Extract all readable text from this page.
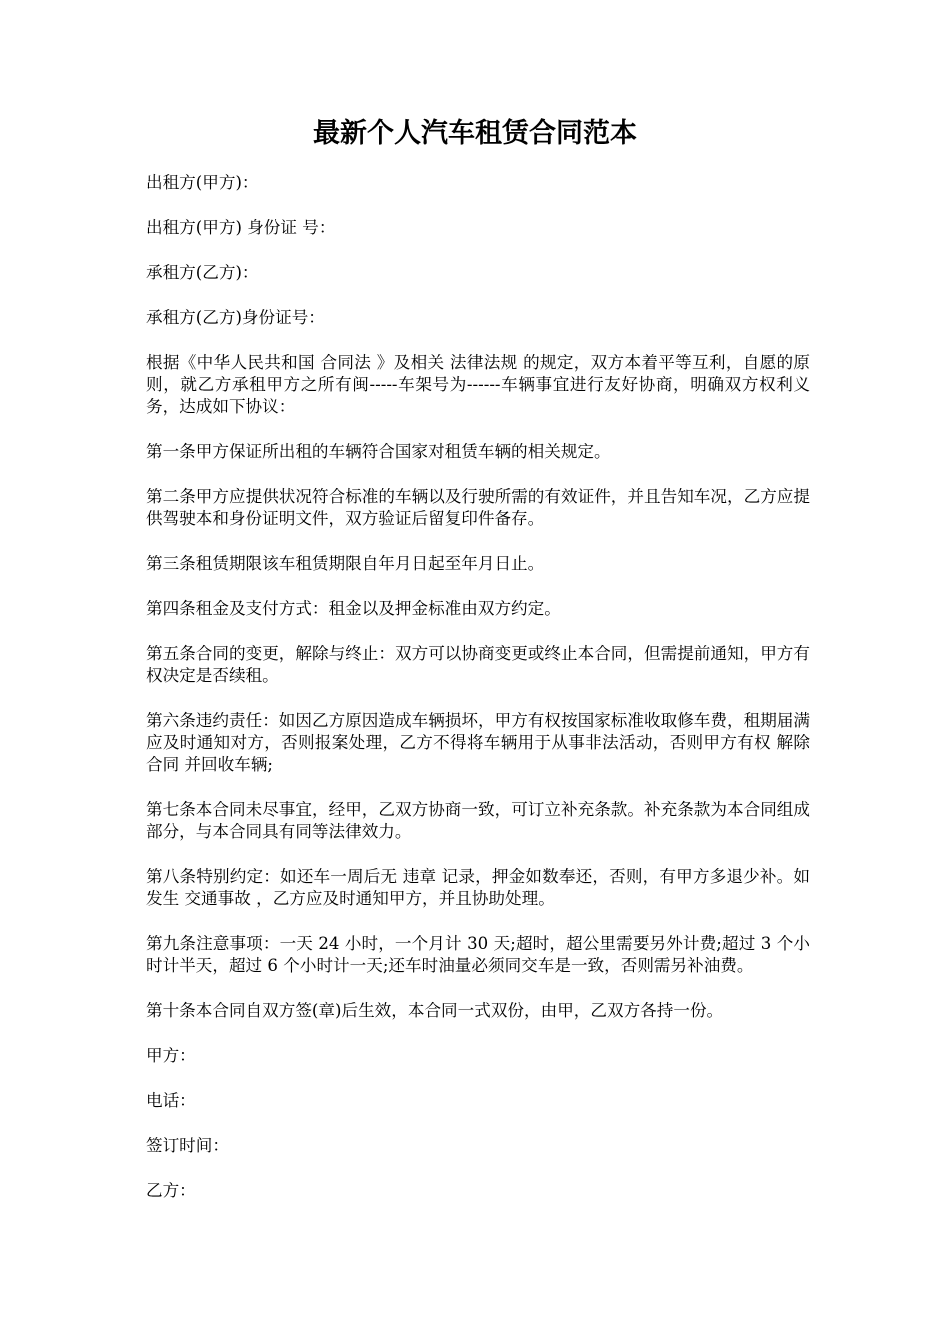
最新个人汽车租赁合同范本

出租方(甲方)：

出租方(甲方) 身份证 号：

承租方(乙方)：

承租方(乙方)身份证号：

根据《中华人民共和国 合同法 》及相关 法律法规 的规定，双方本着平等互利，自愿的原则，就乙方承租甲方之所有闽-----车架号为------车辆事宜进行友好协商，明确双方权利义务，达成如下协议：

第一条甲方保证所出租的车辆符合国家对租赁车辆的相关规定。

第二条甲方应提供状况符合标准的车辆以及行驶所需的有效证件，并且告知车况，乙方应提供驾驶本和身份证明文件，双方验证后留复印件备存。

第三条租赁期限该车租赁期限自年月日起至年月日止。

第四条租金及支付方式：租金以及押金标准由双方约定。

第五条合同的变更，解除与终止：双方可以协商变更或终止本合同，但需提前通知，甲方有权决定是否续租。

第六条违约责任：如因乙方原因造成车辆损坏，甲方有权按国家标准收取修车费，租期届满应及时通知对方，否则报案处理，乙方不得将车辆用于从事非法活动，否则甲方有权 解除合同 并回收车辆;

第七条本合同未尽事宜，经甲，乙双方协商一致，可订立补充条款。补充条款为本合同组成部分，与本合同具有同等法律效力。

第八条特别约定：如还车一周后无 违章 记录，押金如数奉还，否则，有甲方多退少补。如发生 交通事故 ，乙方应及时通知甲方，并且协助处理。

第九条注意事项：一天 24 小时，一个月计 30 天;超时，超公里需要另外计费;超过 3 个小时计半天，超过 6 个小时计一天;还车时油量必须同交车是一致，否则需另补油费。

第十条本合同自双方签(章)后生效，本合同一式双份，由甲，乙双方各持一份。

甲方：

电话：

签订时间：

乙方：
